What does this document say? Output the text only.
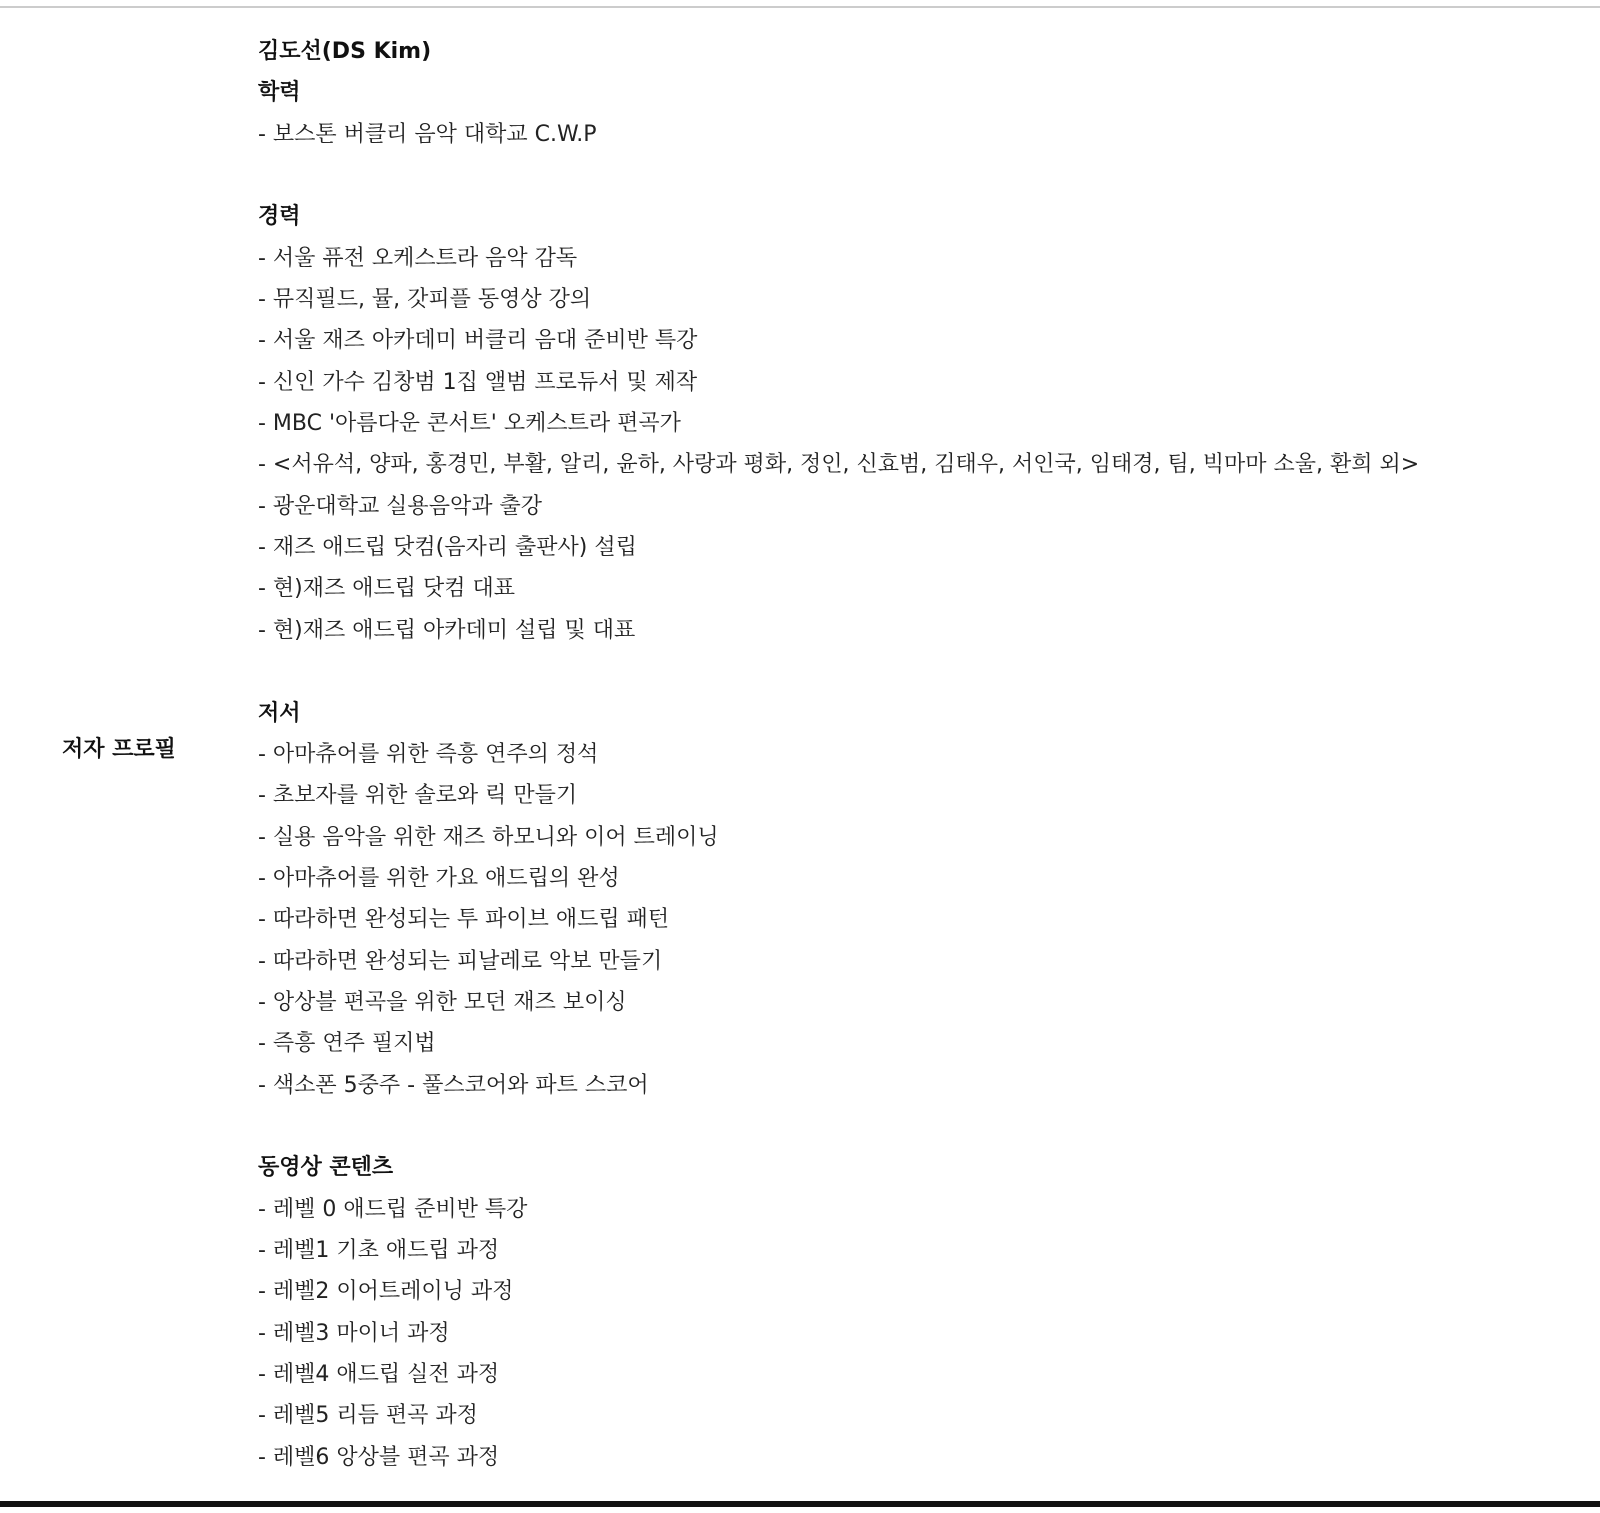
저자 프로필
김도선(DS Kim)
학력
- 보스톤 버클리 음악 대학교 C.W.P
경력
- 서울 퓨전 오케스트라 음악 감독
- 뮤직필드, 뮬, 갓피플 동영상 강의
- 서울 재즈 아카데미 버클리 음대 준비반 특강
- 신인 가수 김창범 1집 앨범 프로듀서 및 제작
- MBC '아름다운 콘서트' 오케스트라 편곡가
- <서유석, 양파, 홍경민, 부활, 알리, 윤하, 사랑과 평화, 정인, 신효범, 김태우, 서인국, 임태경, 팀, 빅마마 소울, 환희 외>
- 광운대학교 실용음악과 출강
- 재즈 애드립 닷컴(음자리 출판사) 설립
- 현)재즈 애드립 닷컴 대표
- 현)재즈 애드립 아카데미 설립 및 대표
저서
- 아마츄어를 위한 즉흥 연주의 정석
- 초보자를 위한 솔로와 릭 만들기
- 실용 음악을 위한 재즈 하모니와 이어 트레이닝
- 아마츄어를 위한 가요 애드립의 완성
- 따라하면 완성되는 투 파이브 애드립 패턴
- 따라하면 완성되는 피날레로 악보 만들기
- 앙상블 편곡을 위한 모던 재즈 보이싱
- 즉흥 연주 필지법
- 색소폰 5중주 - 풀스코어와 파트 스코어
동영상 콘텐츠
- 레벨 0 애드립 준비반 특강
- 레벨1 기초 애드립 과정
- 레벨2 이어트레이닝 과정
- 레벨3 마이너 과정
- 레벨4 애드립 실전 과정
- 레벨5 리듬 편곡 과정
- 레벨6 앙상블 편곡 과정
